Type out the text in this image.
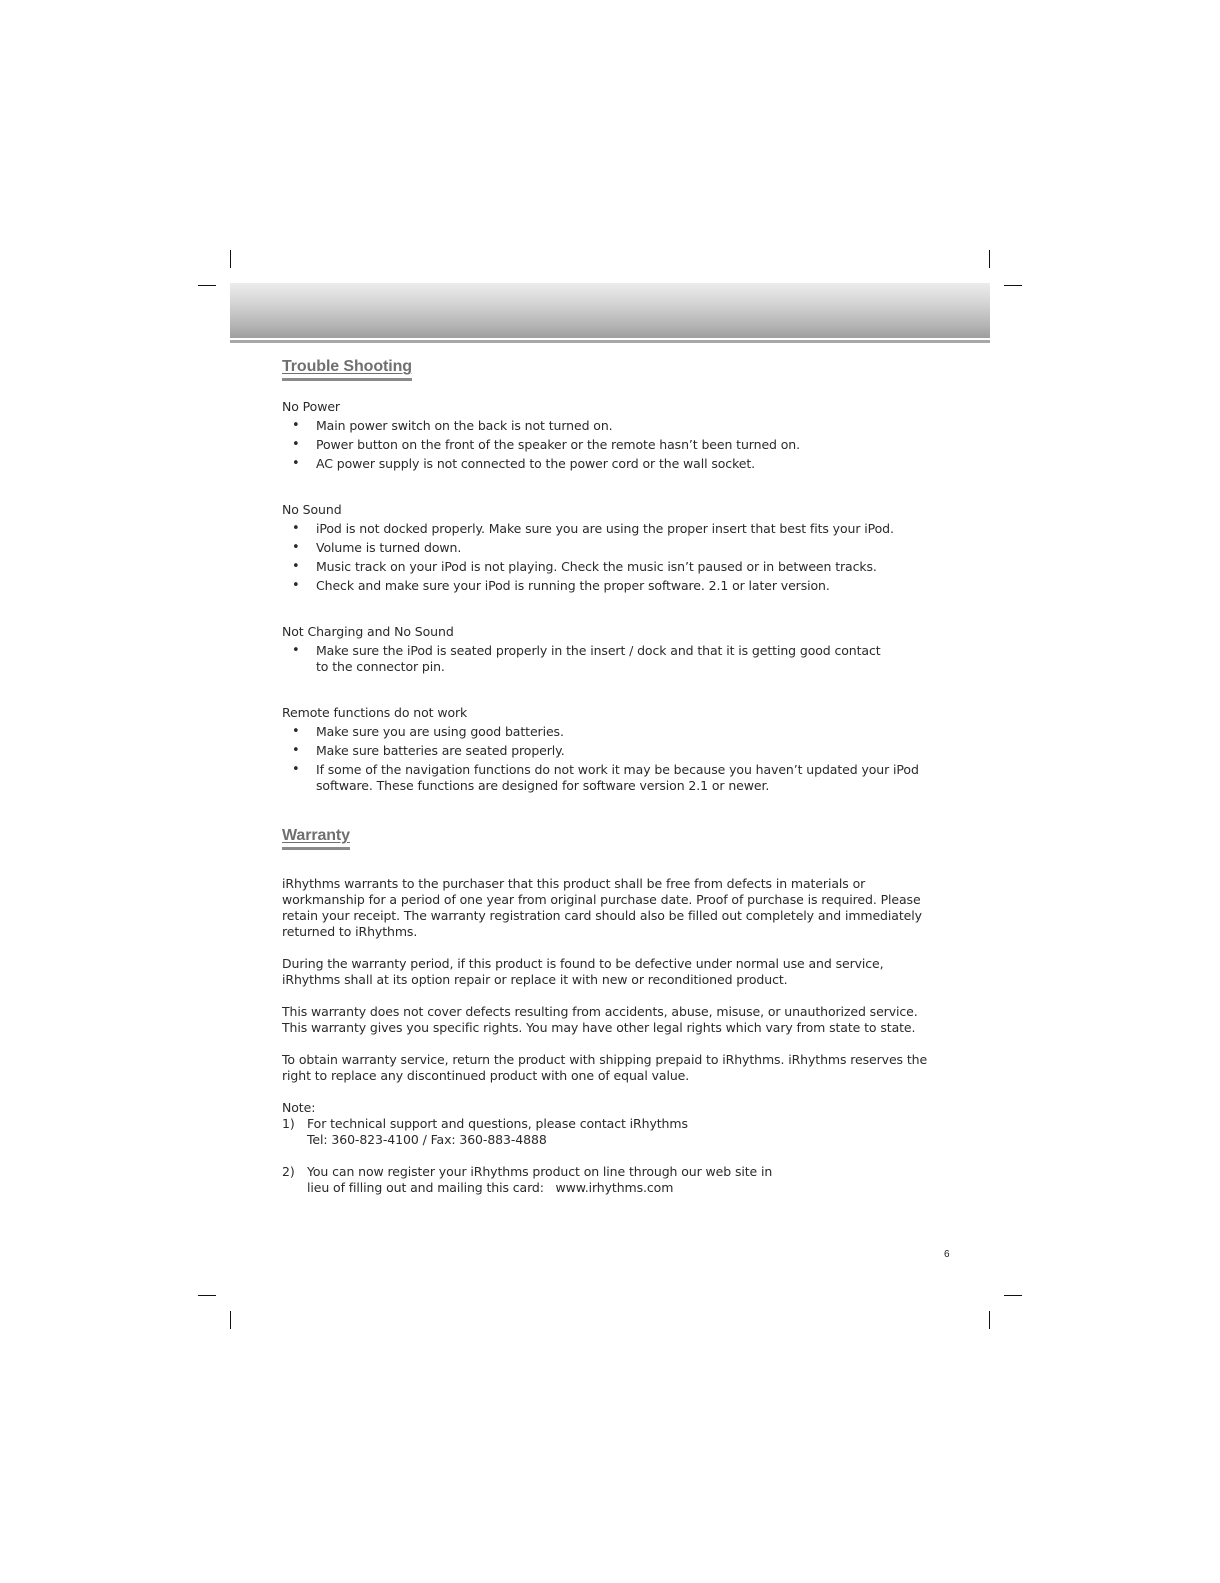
Trouble Shooting

No Power

• Main power switch on the back is not turned on.
• Power button on the front of the speaker or the remote hasn’t been turned on.
• AC power supply is not connected to the power cord or the wall socket.

No Sound

• iPod is not docked properly. Make sure you are using the proper insert that best fits your iPod.
• Volume is turned down.
• Music track on your iPod is not playing. Check the music isn’t paused or in between tracks.
• Check and make sure your iPod is running the proper software. 2.1 or later version.

Not Charging and No Sound

• Make sure the iPod is seated properly in the insert / dock and that it is getting good contact to the connector pin.

Remote functions do not work

• Make sure you are using good batteries.
• Make sure batteries are seated properly.
• If some of the navigation functions do not work it may be because you haven’t updated your iPod software. These functions are designed for software version 2.1 or newer.
Warranty

iRhythms warrants to the purchaser that this product shall be free from defects in materials or workmanship for a period of one year from original purchase date. Proof of purchase is required. Please retain your receipt. The warranty registration card should also be filled out completely and immediately returned to iRhythms.

During the warranty period, if this product is found to be defective under normal use and service, iRhythms shall at its option repair or replace it with new or reconditioned product.

This warranty does not cover defects resulting from accidents, abuse, misuse, or unauthorized service. This warranty gives you specific rights. You may have other legal rights which vary from state to state.

To obtain warranty service, return the product with shipping prepaid to iRhythms. iRhythms reserves the right to replace any discontinued product with one of equal value.

Note:

1) For technical support and questions, please contact iRhythms
Tel: 360-823-4100 / Fax: 360-883-4888
2) You can now register your iRhythms product on line through our web site in
lieu of filling out and mailing this card:   www.irhythms.com
6
